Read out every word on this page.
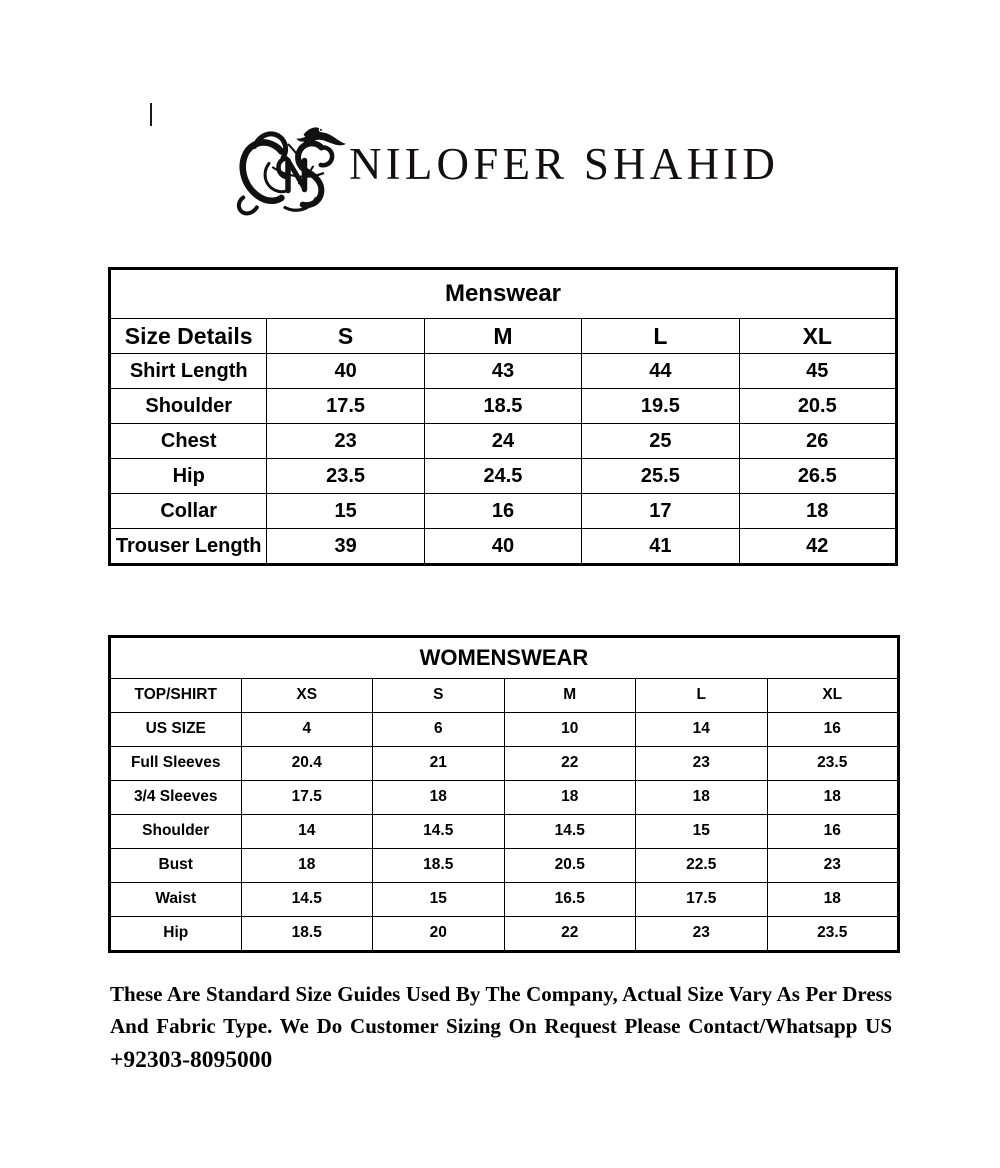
NILOFER SHAHID
Menswear				
Size Details	S	M	L	XL
Shirt Length	40	43	44	45
Shoulder	17.5	18.5	19.5	20.5
Chest	23	24	25	26
Hip	23.5	24.5	25.5	26.5
Collar	15	16	17	18
Trouser Length	39	40	41	42
WOMENSWEAR					
TOP/SHIRT	XS	S	M	L	XL
US SIZE	4	6	10	14	16
Full Sleeves	20.4	21	22	23	23.5
3/4 Sleeves	17.5	18	18	18	18
Shoulder	14	14.5	14.5	15	16
Bust	18	18.5	20.5	22.5	23
Waist	14.5	15	16.5	17.5	18
Hip	18.5	20	22	23	23.5
These Are Standard Size Guides Used By The Company, Actual Size Vary As Per Dress And Fabric Type. We Do Customer Sizing On Request Please Contact/Whatsapp US +92303-8095000
